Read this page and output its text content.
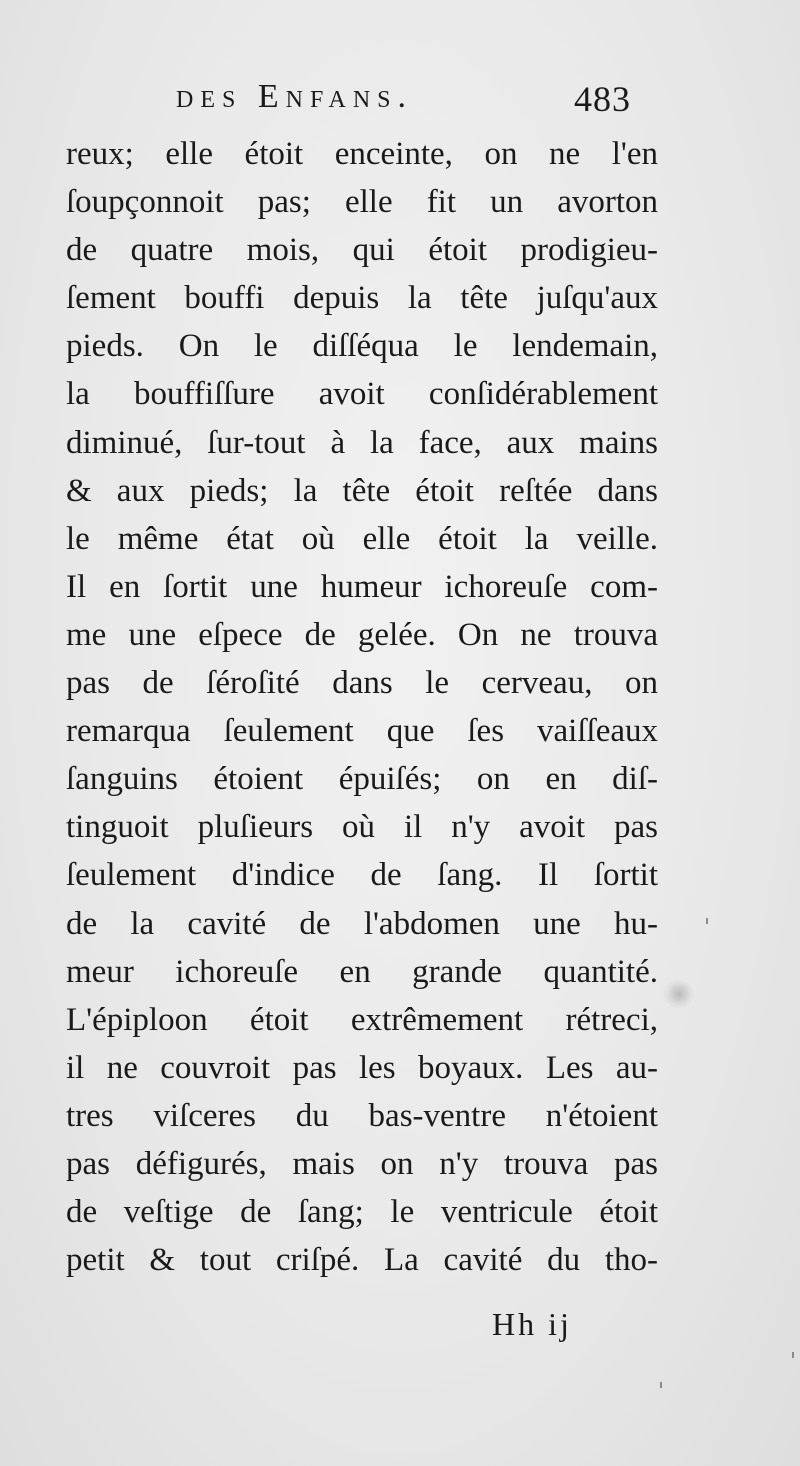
des Enfans.	483
reux; elle étoit enceinte, on ne l'en
ſoupçonnoit pas; elle fit un avorton
de quatre mois, qui étoit prodigieu-
ſement bouffi depuis la tête juſqu'aux
pieds. On le diſſéqua le lendemain,
la bouffiſſure avoit conſidérablement
diminué, ſur-tout à la face, aux mains
& aux pieds; la tête étoit reſtée dans
le même état où elle étoit la veille.
Il en ſortit une humeur ichoreuſe com-
me une eſpece de gelée. On ne trouva
pas de ſéroſité dans le cerveau, on
remarqua ſeulement que ſes vaiſſeaux
ſanguins étoient épuiſés; on en diſ-
tinguoit pluſieurs où il n'y avoit pas
ſeulement d'indice de ſang. Il ſortit
de la cavité de l'abdomen une hu-
meur ichoreuſe en grande quantité.
L'épiploon étoit extrêmement rétreci,
il ne couvroit pas les boyaux. Les au-
tres viſceres du bas-ventre n'étoient
pas défigurés, mais on n'y trouva pas
de veſtige de ſang; le ventricule étoit
petit & tout criſpé. La cavité du tho-
Hh ij
